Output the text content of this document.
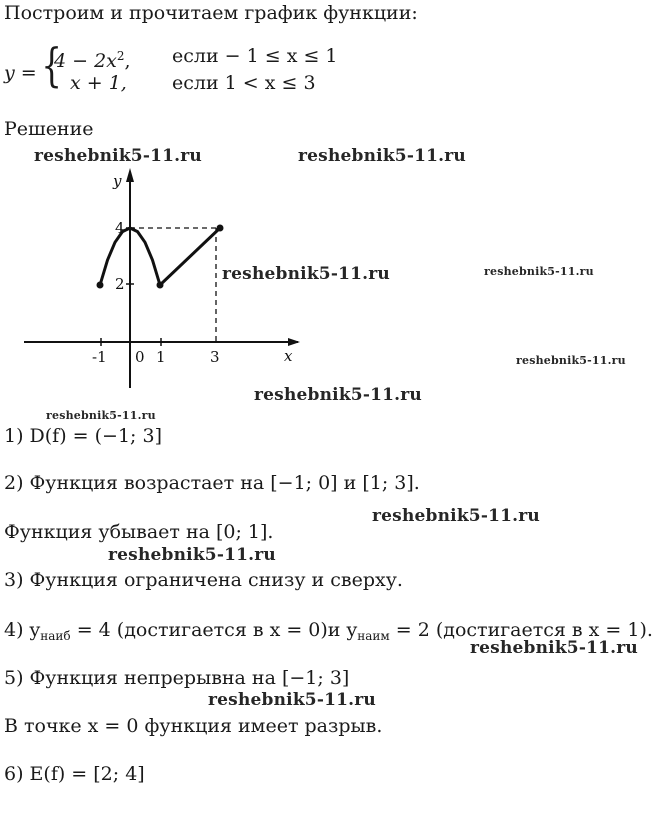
Построим и прочитаем график функции:
y = {
$4 - 2x^2$, если − 1 ≤ x ≤ 1
x + 1, если 1 < x ≤ 3
Решение
y
x
4
2
-1 0 1	3
reshebnik5-11.ru	reshebnik5-11.ru
reshebnik5-11.ru	reshebnik5-11.ru
reshebnik5-11.ru
reshebnik5-11.ru
reshebnik5-11.ru
reshebnik5-11.ru
reshebnik5-11.ru
reshebnik5-11.ru
reshebnik5-11.ru
1) D(f) = (−1; 3]
2) Функция возрастает на [−1; 0] и [1; 3].
Функция убывает на [0; 1].
3) Функция ограничена снизу и сверху.
4) $y_{наиб} = 4$ (достигается в x = 0)и $y_{наим} = 2$ (достигается в x = 1).
5) Функция непрерывна на [−1; 3]
В точке x = 0 функция имеет разрыв.
6) E(f) = [2; 4]
